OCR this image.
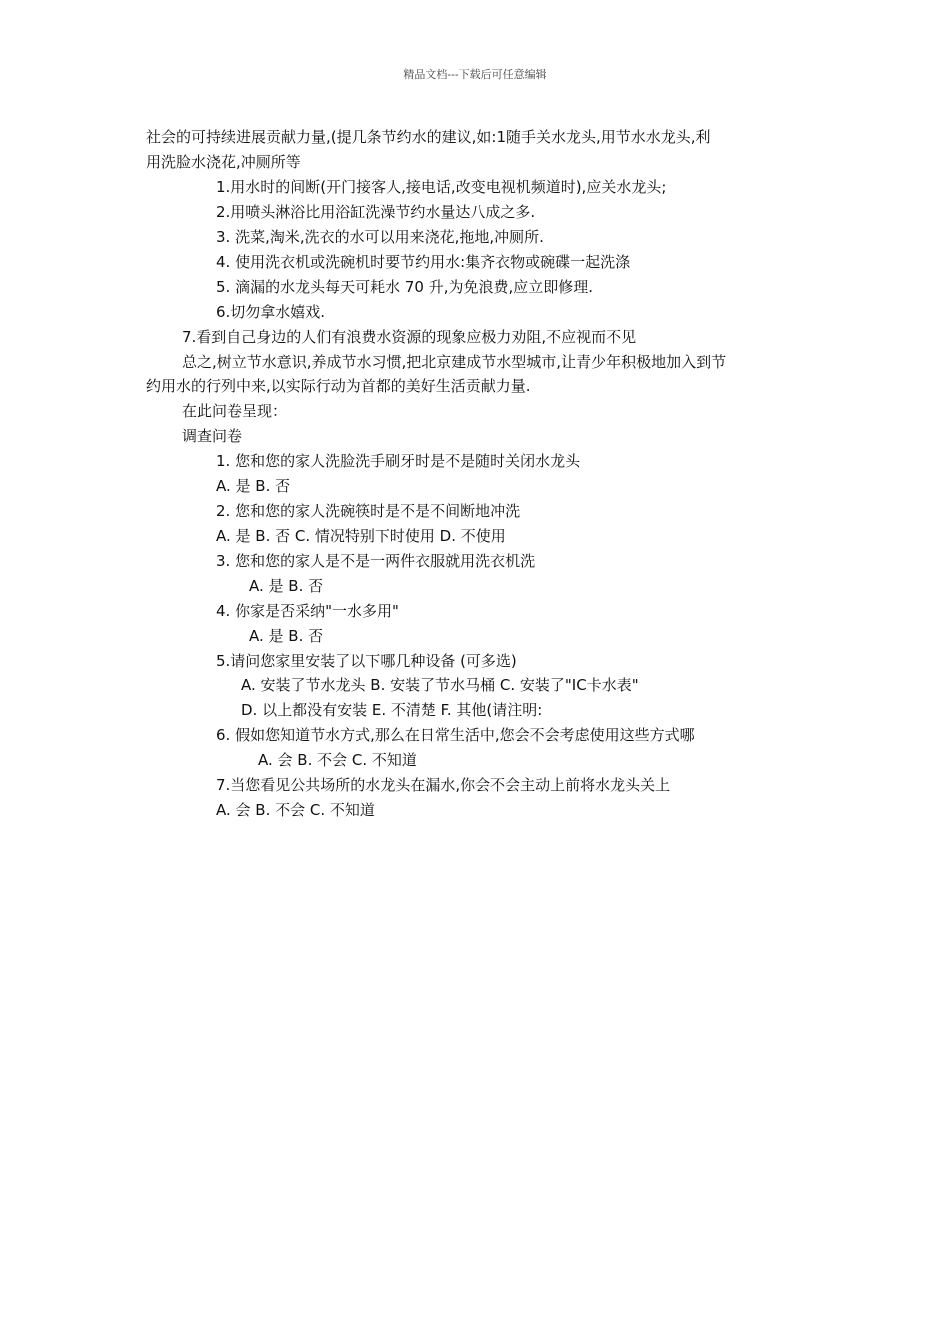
精品文档---下载后可任意编辑
社会的可持续进展贡献力量,(提几条节约水的建议,如:1随手关水龙头,用节水水龙头,利
用洗脸水浇花,冲厕所等
1.用水时的间断(开门接客人,接电话,改变电视机频道时),应关水龙头;
2.用喷头淋浴比用浴缸洗澡节约水量达八成之多.
3. 洗菜,淘米,洗衣的水可以用来浇花,拖地,冲厕所.
4. 使用洗衣机或洗碗机时要节约用水:集齐衣物或碗碟一起洗涤
5. 滴漏的水龙头每天可耗水 70 升,为免浪费,应立即修理.
6.切勿拿水嬉戏.
7.看到自己身边的人们有浪费水资源的现象应极力劝阻,不应视而不见
总之,树立节水意识,养成节水习惯,把北京建成节水型城市,让青少年积极地加入到节
约用水的行列中来,以实际行动为首都的美好生活贡献力量.
在此问卷呈现：
调查问卷
1. 您和您的家人洗脸洗手刷牙时是不是随时关闭水龙头
A. 是 B. 否
2. 您和您的家人洗碗筷时是不是不间断地冲洗
A. 是 B. 否 C. 情况特别下时使用 D. 不使用
3. 您和您的家人是不是一两件衣服就用洗衣机洗
A. 是 B. 否
4. 你家是否采纳"一水多用"
A. 是 B. 否
5.请问您家里安装了以下哪几种设备 (可多选)
A. 安装了节水龙头 B. 安装了节水马桶 C. 安装了"IC卡水表"
D. 以上都没有安装 E. 不清楚 F. 其他(请注明:
6. 假如您知道节水方式,那么在日常生活中,您会不会考虑使用这些方式哪
A. 会 B. 不会 C. 不知道
7.当您看见公共场所的水龙头在漏水,你会不会主动上前将水龙头关上
A. 会 B. 不会 C. 不知道
